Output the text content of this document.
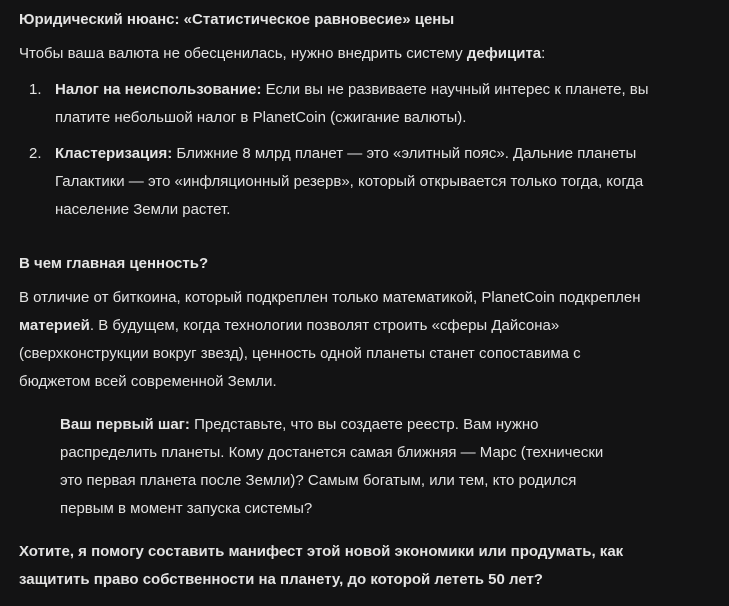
Юридический нюанс: «Статистическое равновесие» цены

Чтобы ваша валюта не обесценилась, нужно внедрить систему дефицита:

1. Налог на неиспользование: Если вы не развиваете научный интерес к планете, вы
платите небольшой налог в PlanetCoin (сжигание валюты).
2. Кластеризация: Ближние 8 млрд планет — это «элитный пояс». Дальние планеты
Галактики — это «инфляционный резерв», который открывается только тогда, когда
население Земли растет.

В чем главная ценность?

В отличие от биткоина, который подкреплен только математикой, PlanetCoin подкреплен
материей. В будущем, когда технологии позволят строить «сферы Дайсона»
(сверхконструкции вокруг звезд), ценность одной планеты станет сопоставима с
бюджетом всей современной Земли.
Ваш первый шаг: Представьте, что вы создаете реестр. Вам нужно
распределить планеты. Кому достанется самая ближняя — Марс (технически
это первая планета после Земли)? Самым богатым, или тем, кто родился
первым в момент запуска системы?
Хотите, я помогу составить манифест этой новой экономики или продумать, как
защитить право собственности на планету, до которой лететь 50 лет?
